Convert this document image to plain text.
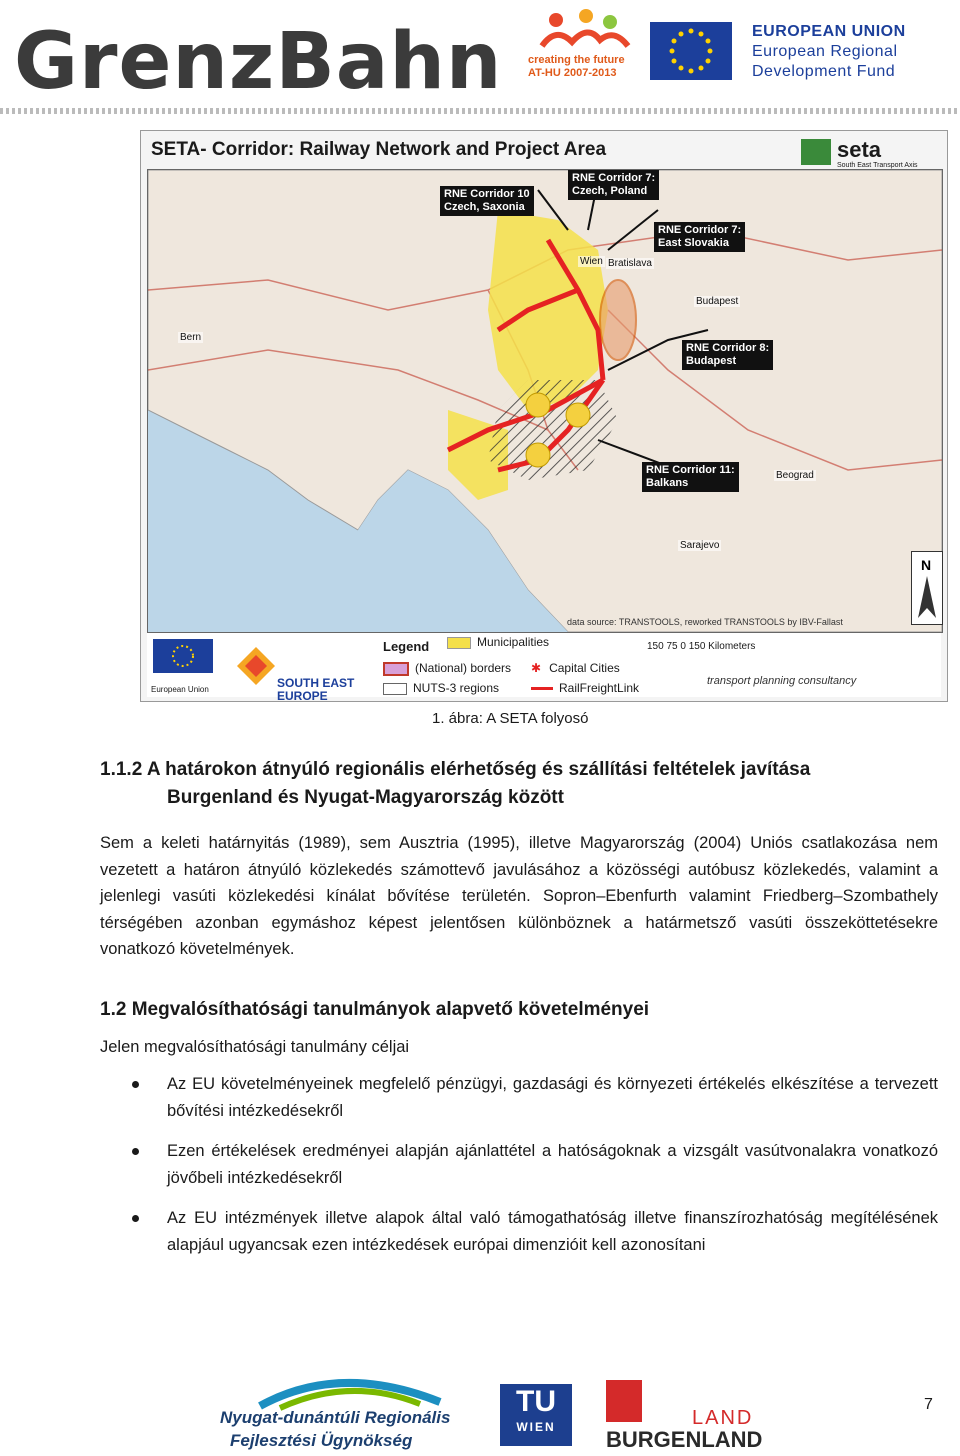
GrenzBahn creating the future
AT-HU 2007-2013
EUROPEAN UNION
European Regional
Development Fund
SETA- Corridor: Railway Network and Project Area	seta
South East Transport Axis
RNE Corridor 10
Czech, Saxonia
RNE Corridor 7:
Czech, Poland
RNE Corridor 7:
East Slovakia
RNE Corridor 8:
Budapest
RNE Corridor 11:
Balkans
Bern
Wien Bratislava
Budapest
Beograd
Sarajevo
N
data source: TRANSTOOLS, reworked TRANSTOOLS by IBV-Fallast
European Union	SOUTH EAST
EUROPE
Legend	Municipalities
(National) borders ✱ Capital Cities
NUTS-3 regions	RailFreightLink
150 75 0 150 Kilometers
transport planning consultancy
1. ábra: A SETA folyosó
1.1.2 A határokon átnyúló regionális elérhetőség és szállítási feltételek javítása
Burgenland és Nyugat-Magyarország között
Sem a keleti határnyitás (1989), sem Ausztria (1995), illetve Magyarország (2004) Uniós csatlakozása nem vezetett a határon átnyúló közlekedés számottevő javulásához a közösségi autóbusz közlekedés, valamint a jelenlegi vasúti közlekedési kínálat bővítése területén. Sopron–Ebenfurth valamint Friedberg–Szombathely térségében azonban egymáshoz képest jelentősen különböznek a határmetsző vasúti összeköttetésekre vonatkozó követelmények.
1.2 Megvalósíthatósági tanulmányok alapvető követelményei
Jelen megvalósíthatósági tanulmány céljai
Az EU követelményeinek megfelelő pénzügyi, gazdasági és környezeti értékelés elkészítése a tervezett bővítési intézkedésekről
Ezen értékelések eredményei alapján ajánlattétel a hatóságoknak a vizsgált vasútvonalakra vonatkozó jövőbeli intézkedésekről
Az EU intézmények illetve alapok által való támogathatóság illetve finanszírozhatóság megítélésének alapjául ugyancsak ezen intézkedések európai dimenzióit kell azonosítani
Nyugat-dunántúli Regionális
Fejlesztési Ügynökség
TU
WIEN	LAND
BURGENLAND
7
